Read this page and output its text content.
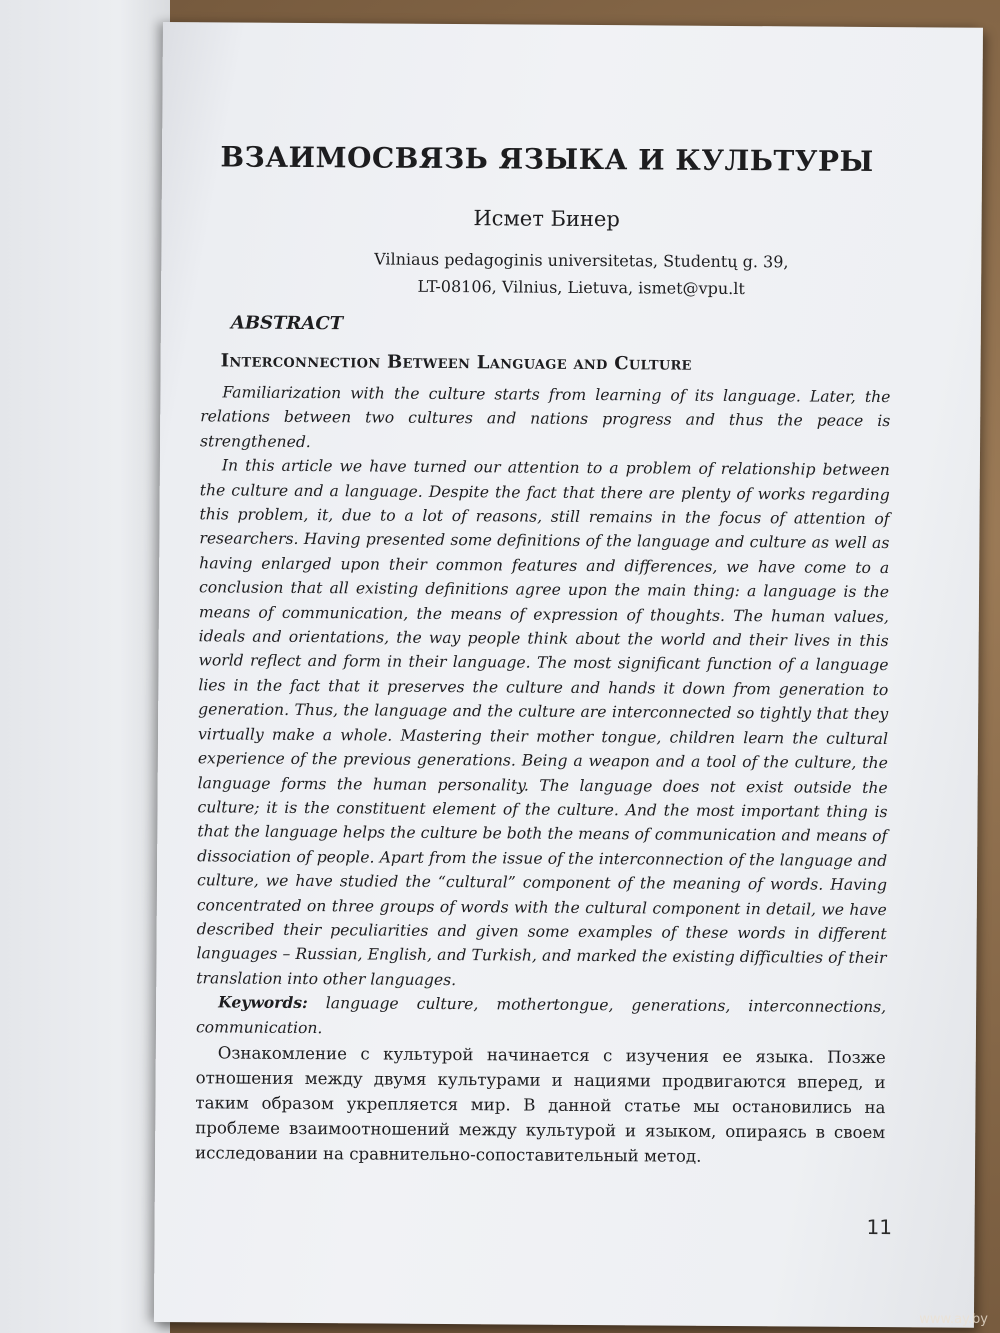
ВЗАИМОСВЯЗЬ ЯЗЫКА И КУЛЬТУРЫ
Исмет Бинер
Vilniaus pedagoginis universitetas, Studentų g. 39,
LT-08106, Vilnius, Lietuva, ismet@vpu.lt
ABSTRACT
Interconnection Between Language and Culture

Familiarization with the culture starts from learning of its language. Later, the relations between two cultures and nations progress and thus the peace is strengthened.

In this article we have turned our attention to a problem of relationship between the culture and a language. Despite the fact that there are plenty of works regarding this problem, it, due to a lot of reasons, still remains in the focus of attention of researchers. Having presented some definitions of the language and culture as well as having enlarged upon their common features and differences, we have come to a conclusion that all existing definitions agree upon the main thing: a language is the means of communication, the means of expression of thoughts. The human values, ideals and orientations, the way people think about the world and their lives in this world reflect and form in their language. The most significant function of a language lies in the fact that it preserves the culture and hands it down from generation to generation. Thus, the language and the culture are interconnected so tightly that they virtually make a whole. Mastering their mother tongue, children learn the cultural experience of the previous generations. Being a weapon and a tool of the culture, the language forms the human personality. The language does not exist outside the culture; it is the constituent element of the culture. And the most important thing is that the language helps the culture be both the means of communication and means of dissociation of people. Apart from the issue of the interconnection of the language and culture, we have studied the “cultural” component of the meaning of words. Having concentrated on three groups of words with the cultural component in detail, we have described their peculiarities and given some examples of these words in different languages – Russian, English, and Turkish, and marked the existing difficulties of their translation into other languages.

Keywords: language culture, mothertongue, generations, interconnections, communication.

Ознакомление с культурой начинается с изучения ее языка. Позже отношения между двумя культурами и нациями продвигаются вперед, и таким образом укрепляется мир. В данной статье мы остановились на проблеме взаимоотношений между культурой и языком, опираясь в своем исследовании на сравнительно-сопоставительный метод.

11
www.ay.by
